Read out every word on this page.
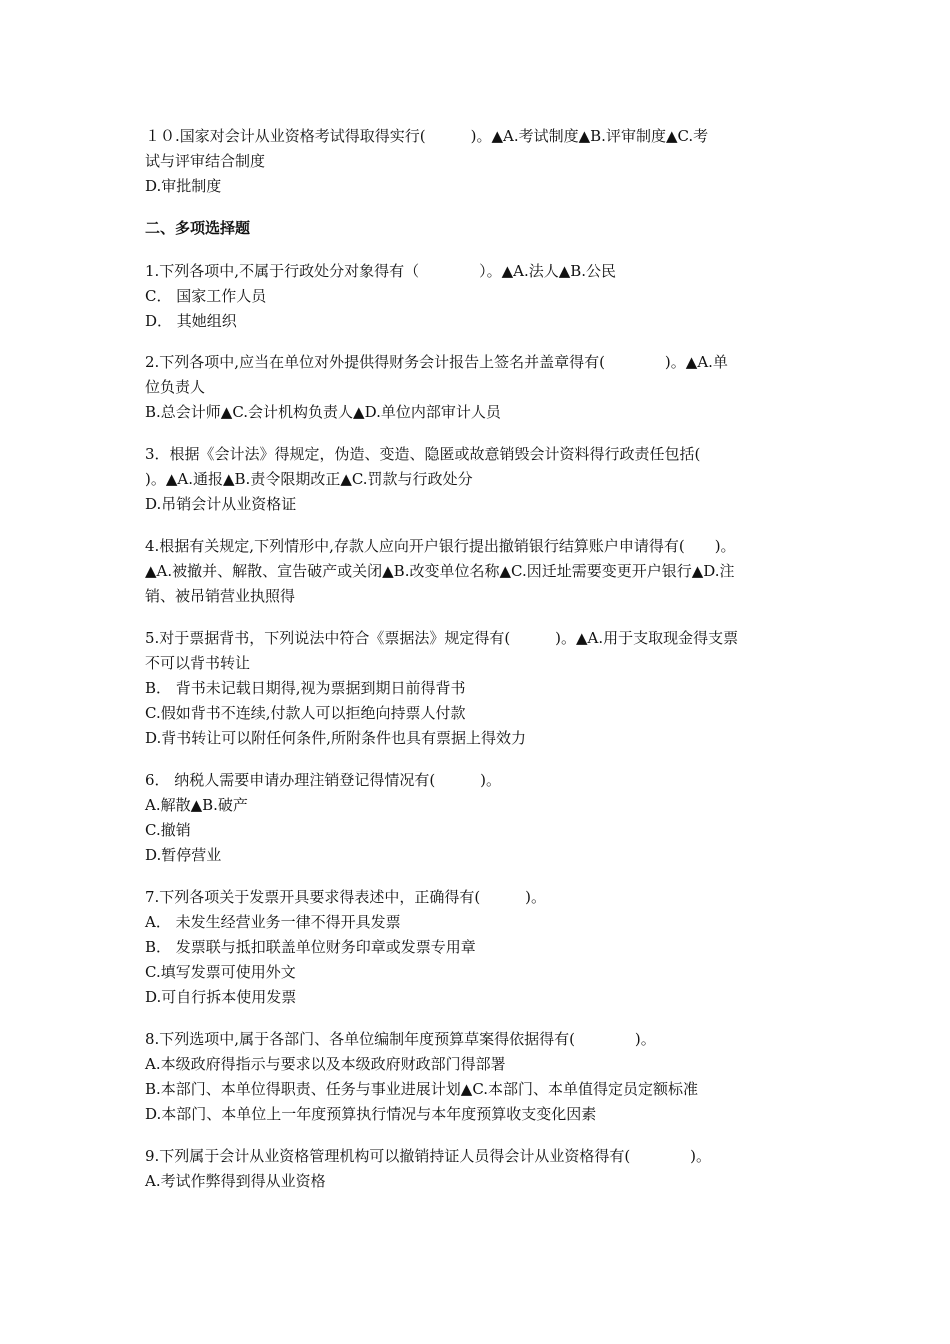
１０.国家对会计从业资格考试得取得实行(　　　)。▲A.考试制度▲B.评审制度▲C.考
试与评审结合制度
D.审批制度
二、多项选择题
1.下列各项中,不属于行政处分对象得有（　　　　）。▲A.法人▲B.公民
C． 国家工作人员
D． 其她组织
2.下列各项中,应当在单位对外提供得财务会计报告上签名并盖章得有(　　　　)。▲A.单
位负责人
B.总会计师▲C.会计机构负责人▲D.单位内部审计人员
3．根据《会计法》得规定，伪造、变造、隐匿或故意销毁会计资料得行政责任包括(
)。▲A.通报▲B.责令限期改正▲C.罚款与行政处分
D.吊销会计从业资格证
4.根据有关规定,下列情形中,存款人应向开户银行提出撤销银行结算账户申请得有(　　)。
▲A.被撤并、解散、宣告破产或关闭▲B.改变单位名称▲C.因迁址需要变更开户银行▲D.注
销、被吊销营业执照得
5.对于票据背书，下列说法中符合《票据法》规定得有(　　　)。▲A.用于支取现金得支票
不可以背书转让
B． 背书未记载日期得,视为票据到期日前得背书
C.假如背书不连续,付款人可以拒绝向持票人付款
D.背书转让可以附任何条件,所附条件也具有票据上得效力
6． 纳税人需要申请办理注销登记得情况有(　　　)。
A.解散▲B.破产
C.撤销
D.暂停营业
7.下列各项关于发票开具要求得表述中，正确得有(　　　)。
A． 未发生经营业务一律不得开具发票
B． 发票联与抵扣联盖单位财务印章或发票专用章
C.填写发票可使用外文
D.可自行拆本使用发票
8.下列选项中,属于各部门、各单位编制年度预算草案得依据得有(　　　　)。
A.本级政府得指示与要求以及本级政府财政部门得部署
B.本部门、本单位得职责、任务与事业进展计划▲C.本部门、本单值得定员定额标准
D.本部门、本单位上一年度预算执行情况与本年度预算收支变化因素
9.下列属于会计从业资格管理机构可以撤销持证人员得会计从业资格得有(　　　　)。
A.考试作弊得到得从业资格
